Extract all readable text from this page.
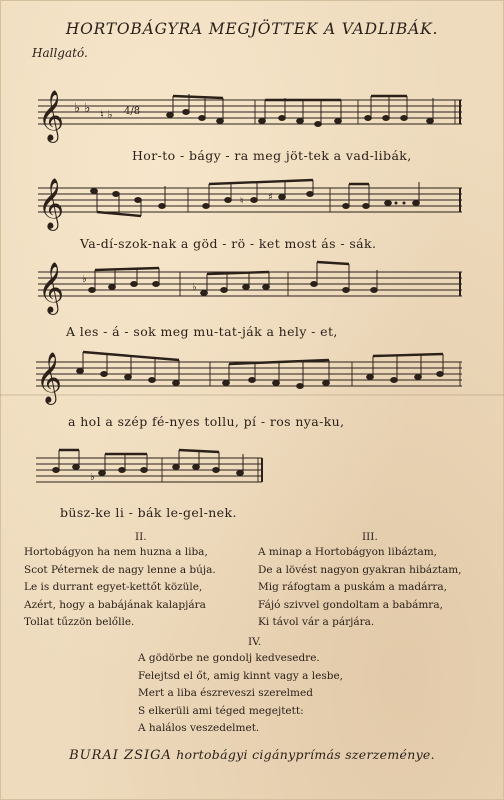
HORTOBÁGYRA MEGJÖTTEK A VADLIBÁK.
Hallgató.
𝄞 ♭ ♭ ♮ ♭ 4/8
Hor-to - bágy - ra meg jöt-tek a vad-libák,
𝄞	♮ ♯
Va-dí-szok-nak a göd - rö - ket most ás - sák.
𝄞 ♭
♭
A les - á - sok meg mu-tat-ják a hely - et,
𝄞
a hol a szép fé-nyes tollu, pí - ros nya-ku,
♭
büsz-ke li - bák le-gel-nek.
II.
Hortobágyon ha nem huzna a liba,
Scot Péternek de nagy lenne a búja.
Le is durrant egyet-kettőt közüle,
Azért, hogy a babájának kalapjára
Tollat tűzzön belőlle.
III.
A minap a Hortobágyon libáztam,
De a lövést nagyon gyakran hibáztam,
Mig ráfogtam a puskám a madárra,
Fájó szivvel gondoltam a babámra,
Ki távol vár a párjára.
IV.
A gödörbe ne gondolj kedvesedre.
Felejtsd el őt, amig kinnt vagy a lesbe,
Mert a liba észreveszi szerelmed
S elkerüli ami téged megejtett:
A halálos veszedelmet.
BURAI ZSIGA hortobágyi cigányprímás szerzeménye.
